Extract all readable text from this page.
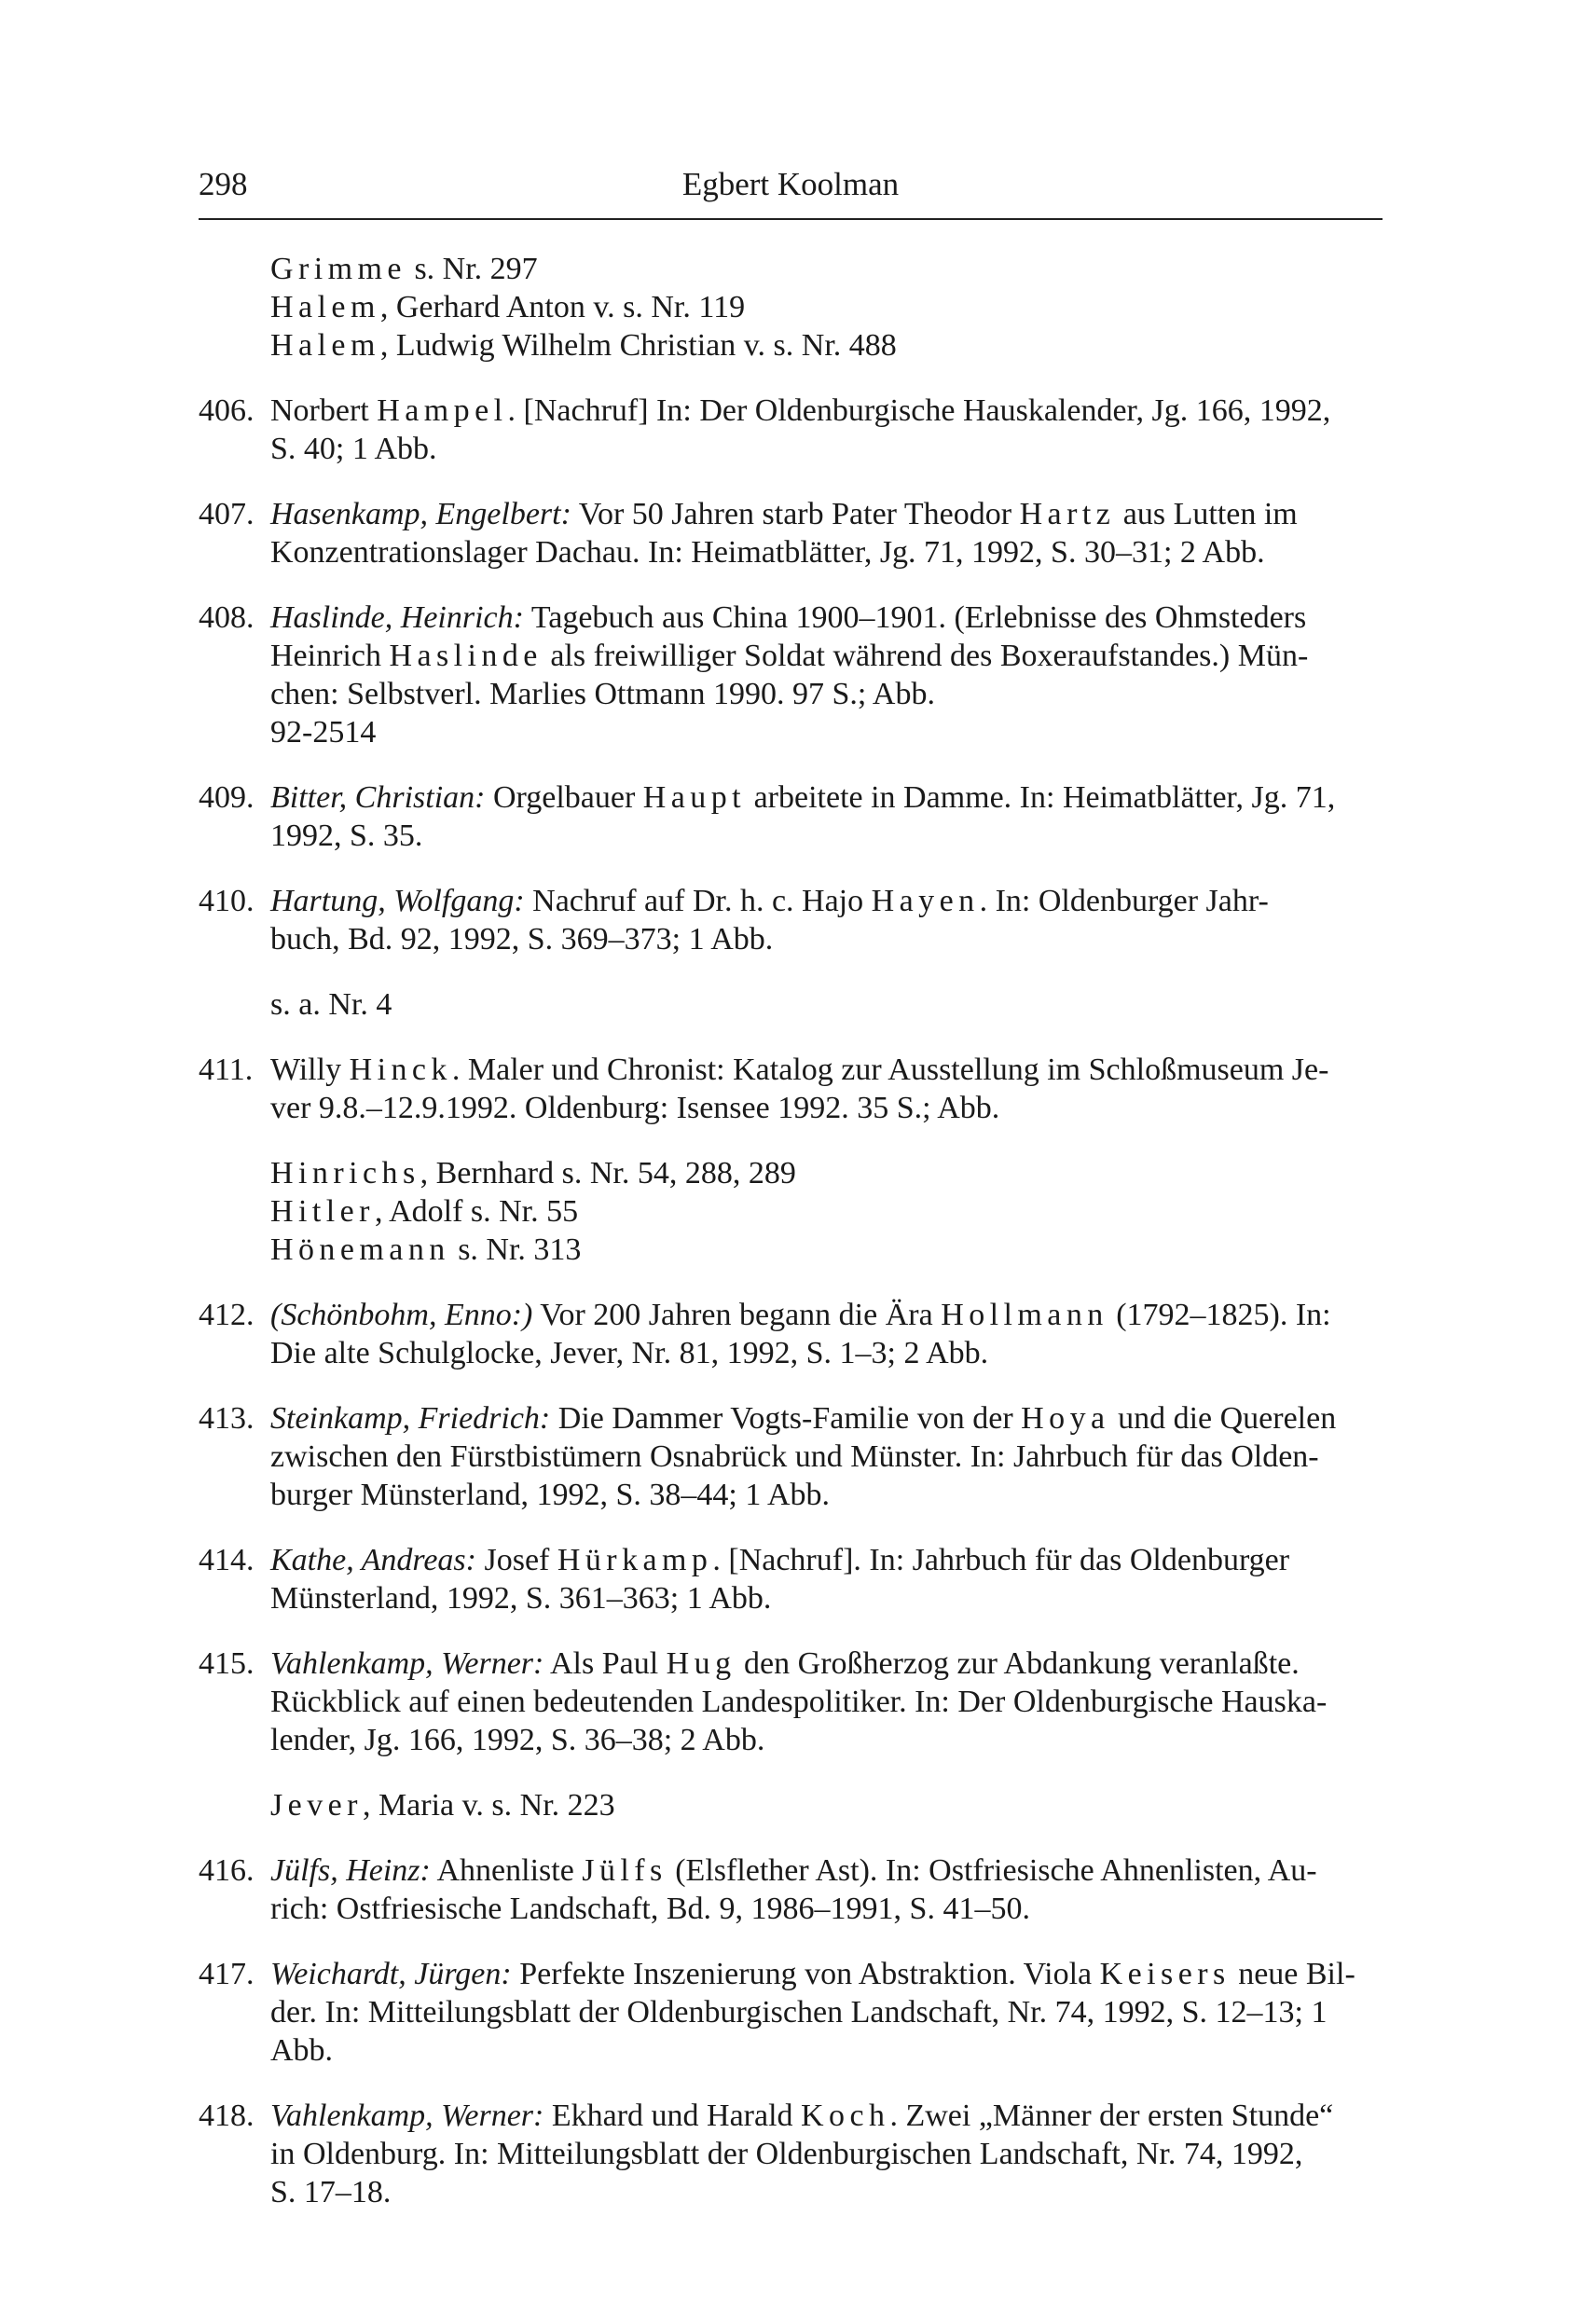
298	Egbert Koolman
Grimme s. Nr. 297
Halem, Gerhard Anton v. s. Nr. 119
Halem, Ludwig Wilhelm Christian v. s. Nr. 488
406. Norbert Hampel. [Nachruf] In: Der Oldenburgische Hauskalender, Jg. 166, 1992,
S. 40; 1 Abb.
407. Hasenkamp, Engelbert: Vor 50 Jahren starb Pater Theodor Hartz aus Lutten im
Konzentrationslager Dachau. In: Heimatblätter, Jg. 71, 1992, S. 30–31; 2 Abb.
408. Haslinde, Heinrich: Tagebuch aus China 1900–1901. (Erlebnisse des Ohmsteders
Heinrich Haslinde als freiwilliger Soldat während des Boxeraufstandes.) Mün-
chen: Selbstverl. Marlies Ottmann 1990. 97 S.; Abb.
92-2514
409. Bitter, Christian: Orgelbauer Haupt arbeitete in Damme. In: Heimatblätter, Jg. 71,
1992, S. 35.
410. Hartung, Wolfgang: Nachruf auf Dr. h. c. Hajo Hayen. In: Oldenburger Jahr-
buch, Bd. 92, 1992, S. 369–373; 1 Abb.
s. a. Nr. 4
411. Willy Hinck. Maler und Chronist: Katalog zur Ausstellung im Schloßmuseum Je-
ver 9.8.–12.9.1992. Oldenburg: Isensee 1992. 35 S.; Abb.
Hinrichs, Bernhard s. Nr. 54, 288, 289
Hitler, Adolf s. Nr. 55
Hönemann s. Nr. 313
412. (Schönbohm, Enno:) Vor 200 Jahren begann die Ära Hollmann (1792–1825). In:
Die alte Schulglocke, Jever, Nr. 81, 1992, S. 1–3; 2 Abb.
413. Steinkamp, Friedrich: Die Dammer Vogts-Familie von der Hoya und die Querelen
zwischen den Fürstbistümern Osnabrück und Münster. In: Jahrbuch für das Olden-
burger Münsterland, 1992, S. 38–44; 1 Abb.
414. Kathe, Andreas: Josef Hürkamp. [Nachruf]. In: Jahrbuch für das Oldenburger
Münsterland, 1992, S. 361–363; 1 Abb.
415. Vahlenkamp, Werner: Als Paul Hug den Großherzog zur Abdankung veranlaßte.
Rückblick auf einen bedeutenden Landespolitiker. In: Der Oldenburgische Hauska-
lender, Jg. 166, 1992, S. 36–38; 2 Abb.
Jever, Maria v. s. Nr. 223
416. Jülfs, Heinz: Ahnenliste Jülfs (Elsflether Ast). In: Ostfriesische Ahnenlisten, Au-
rich: Ostfriesische Landschaft, Bd. 9, 1986–1991, S. 41–50.
417. Weichardt, Jürgen: Perfekte Inszenierung von Abstraktion. Viola Keisers neue Bil-
der. In: Mitteilungsblatt der Oldenburgischen Landschaft, Nr. 74, 1992, S. 12–13; 1
Abb.
418. Vahlenkamp, Werner: Ekhard und Harald Koch. Zwei „Männer der ersten Stunde“
in Oldenburg. In: Mitteilungsblatt der Oldenburgischen Landschaft, Nr. 74, 1992,
S. 17–18.
